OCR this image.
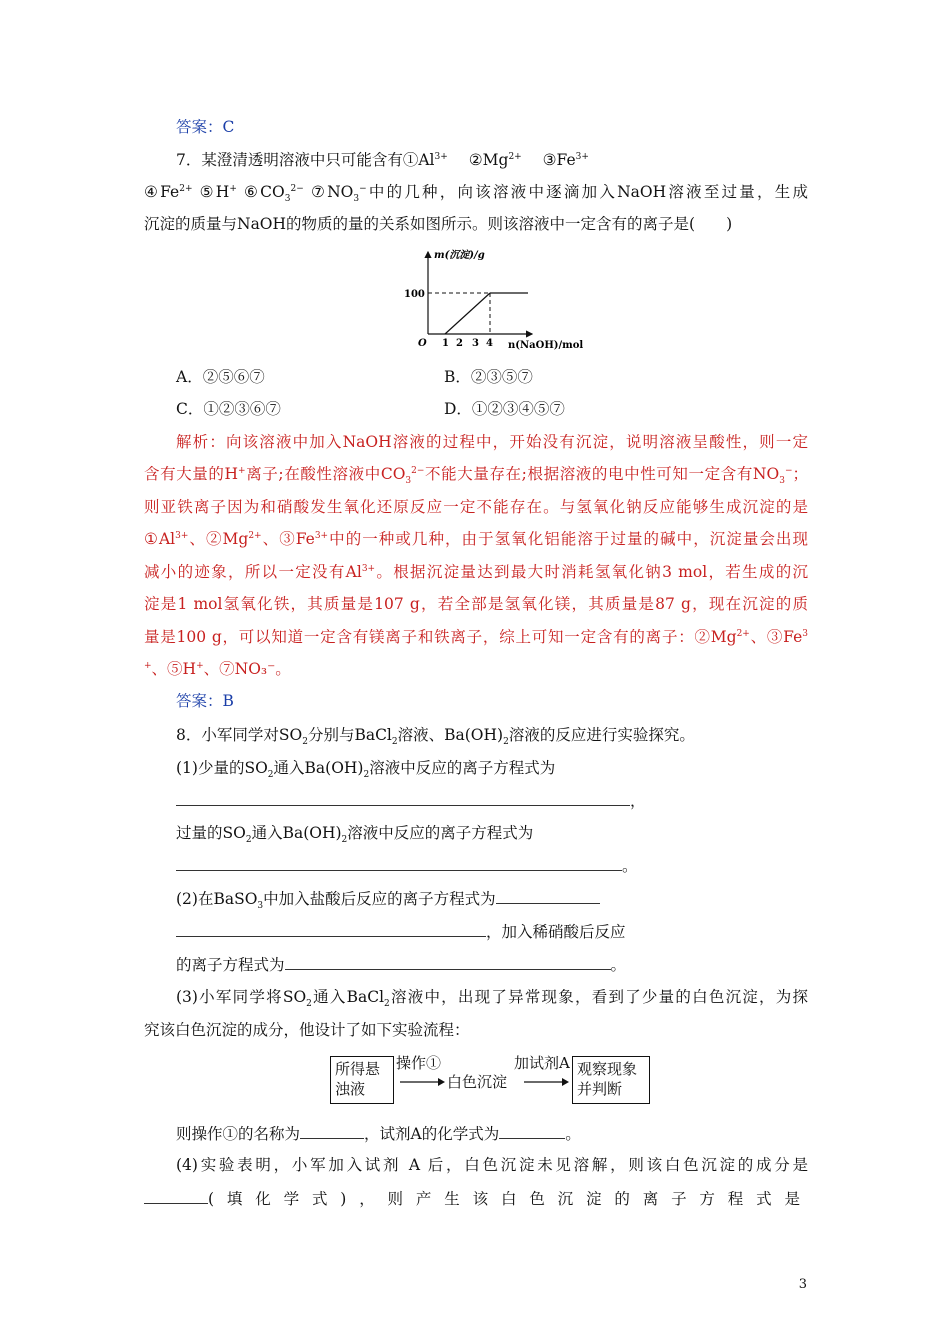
答案：C
7．某澄清透明溶液中只可能含有$①Al^{3+}$ $②Mg^{2+}$ $③Fe^{3+}$
$④Fe^{2+}$ ⑤H+ $⑥CO_3^{2-}$ $⑦NO_3^-$中的几种，向该溶液中逐滴加入NaOH溶液至过量，生成
沉淀的质量与NaOH的物质的量的关系如图所示。则该溶液中一定含有的离子是(　　)
m(沉淀)/g
100
O 1 2 3 4 n(NaOH)/mol
A．②⑤⑥⑦	B．②③⑤⑦
C．①②③⑥⑦	D．①②③④⑤⑦
解析：向该溶液中加入NaOH溶液的过程中，开始没有沉淀，说明溶液呈酸性，则一定
含有大量的H+离子;在酸性溶液中$CO_3^{2-}$不能大量存在;根据溶液的电中性可知一定含有$NO_3^-$；
则亚铁离子因为和硝酸发生氧化还原反应一定不能存在。与氢氧化钠反应能够生成沉淀的是
$①Al^{3+}$、$②Mg^{2+}$、$③Fe^{3+}$中的一种或几种，由于氢氧化铝能溶于过量的碱中，沉淀量会出现
减小的迹象，所以一定没有$Al^{3+}$。根据沉淀量达到最大时消耗氢氧化钠3 mol，若生成的沉
淀是1 mol氢氧化铁，其质量是107 g，若全部是氢氧化镁，其质量是87 g，现在沉淀的质
量是100 g，可以知道一定含有镁离子和铁离子，综上可知一定含有的离子：$②Mg^{2+}$、③Fe$^3$
+、⑤H+、⑦NO₃⁻。
答案：B
8．小军同学对$SO_2$分别与BaCl$_2$溶液、$Ba(OH)_2$溶液的反应进行实验探究。
(1)少量的$SO_2$通入$Ba(OH)_2$溶液中反应的离子方程式为
，
过量的$SO_2$通入$Ba(OH)_2$溶液中反应的离子方程式为
。
(2)在BaSO$_3$中加入盐酸后反应的离子方程式为
，加入稀硝酸后反应
的离子方程式为	。
(3)小军同学将$SO_2$通入BaCl$_2$溶液中，出现了异常现象，看到了少量的白色沉淀，为探
究该白色沉淀的成分，他设计了如下实验流程：
所得悬
浊液
操作①
白色沉淀
加试剂A 观察现象
并判断
则操作①的名称为	，试剂A的化学式为	。
(4)实验表明，小军加入试剂 A 后，白色沉淀未见溶解，则该白色沉淀的成分是
(填化学式)，则产生该白色沉淀的离子方程式是
3
